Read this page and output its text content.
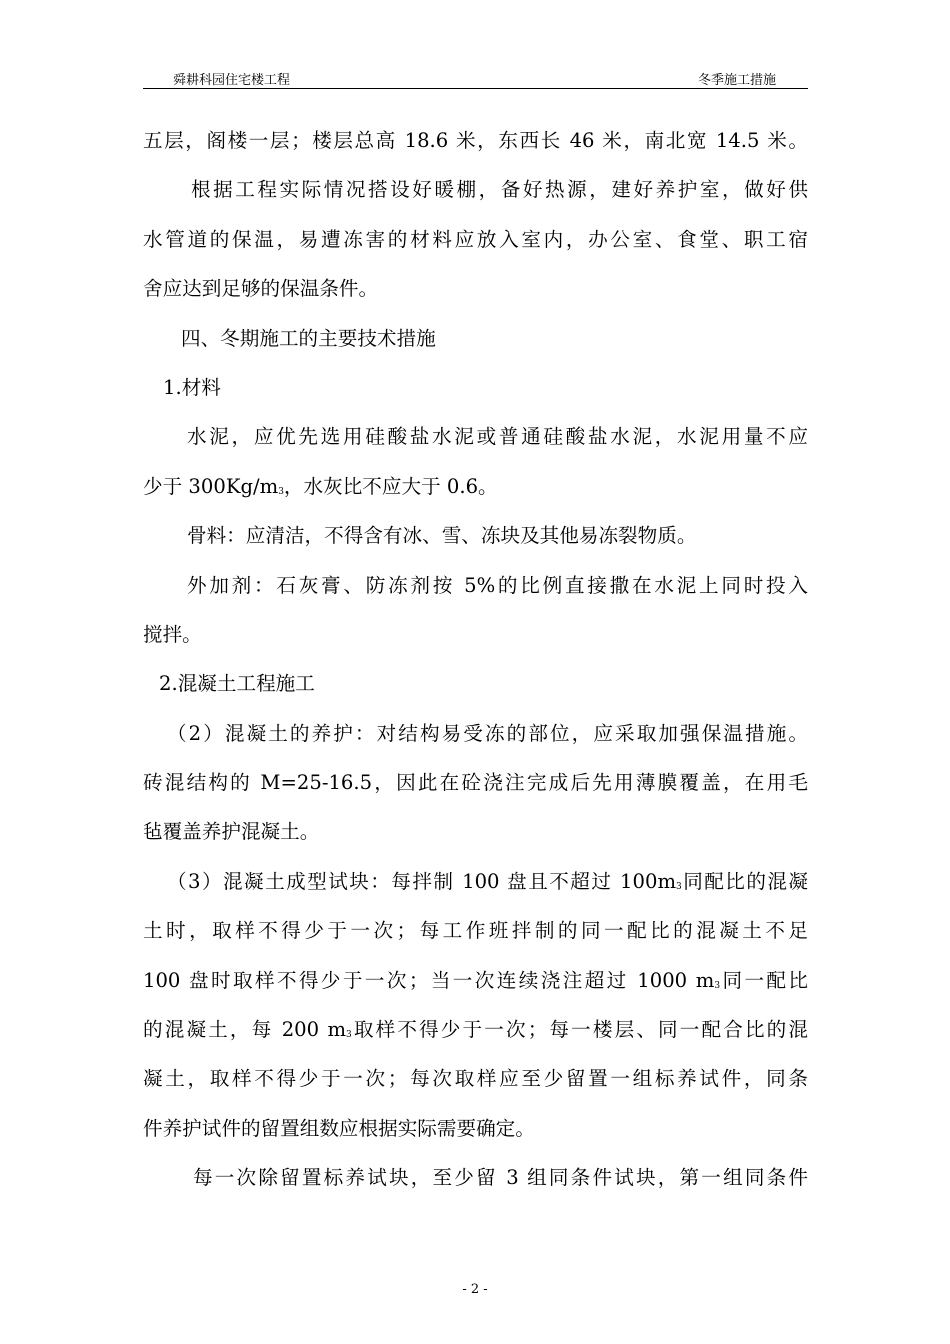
舜耕科园住宅楼工程	冬季施工措施
五层，阁楼一层；楼层总高 18.6 米，东西长 46 米，南北宽 14.5 米。
根据工程实际情况搭设好暖棚，备好热源，建好养护室，做好供
水管道的保温，易遭冻害的材料应放入室内，办公室、食堂、职工宿
舍应达到足够的保温条件。
四、冬期施工的主要技术措施
1.材料
水泥，应优先选用硅酸盐水泥或普通硅酸盐水泥，水泥用量不应
少于 $300Kg/m_3$，水灰比不应大于 0.6。
骨料：应清洁，不得含有冰、雪、冻块及其他易冻裂物质。
外加剂：石灰膏、防冻剂按 5%的比例直接撒在水泥上同时投入
搅拌。
2.混凝土工程施工
（2）混凝土的养护：对结构易受冻的部位，应采取加强保温措施。
砖混结构的 M=25-16.5，因此在砼浇注完成后先用薄膜覆盖，在用毛
毡覆盖养护混凝土。
（3）混凝土成型试块：每拌制 100 盘且不超过 $100m_3$同配比的混凝
土时，取样不得少于一次；每工作班拌制的同一配比的混凝土不足
100 盘时取样不得少于一次；当一次连续浇注超过 1000 $m_3$同一配比
的混凝土，每 200 $m_3$取样不得少于一次；每一楼层、同一配合比的混
凝土，取样不得少于一次；每次取样应至少留置一组标养试件，同条
件养护试件的留置组数应根据实际需要确定。
每一次除留置标养试块，至少留 3 组同条件试块，第一组同条件
- 2 -
